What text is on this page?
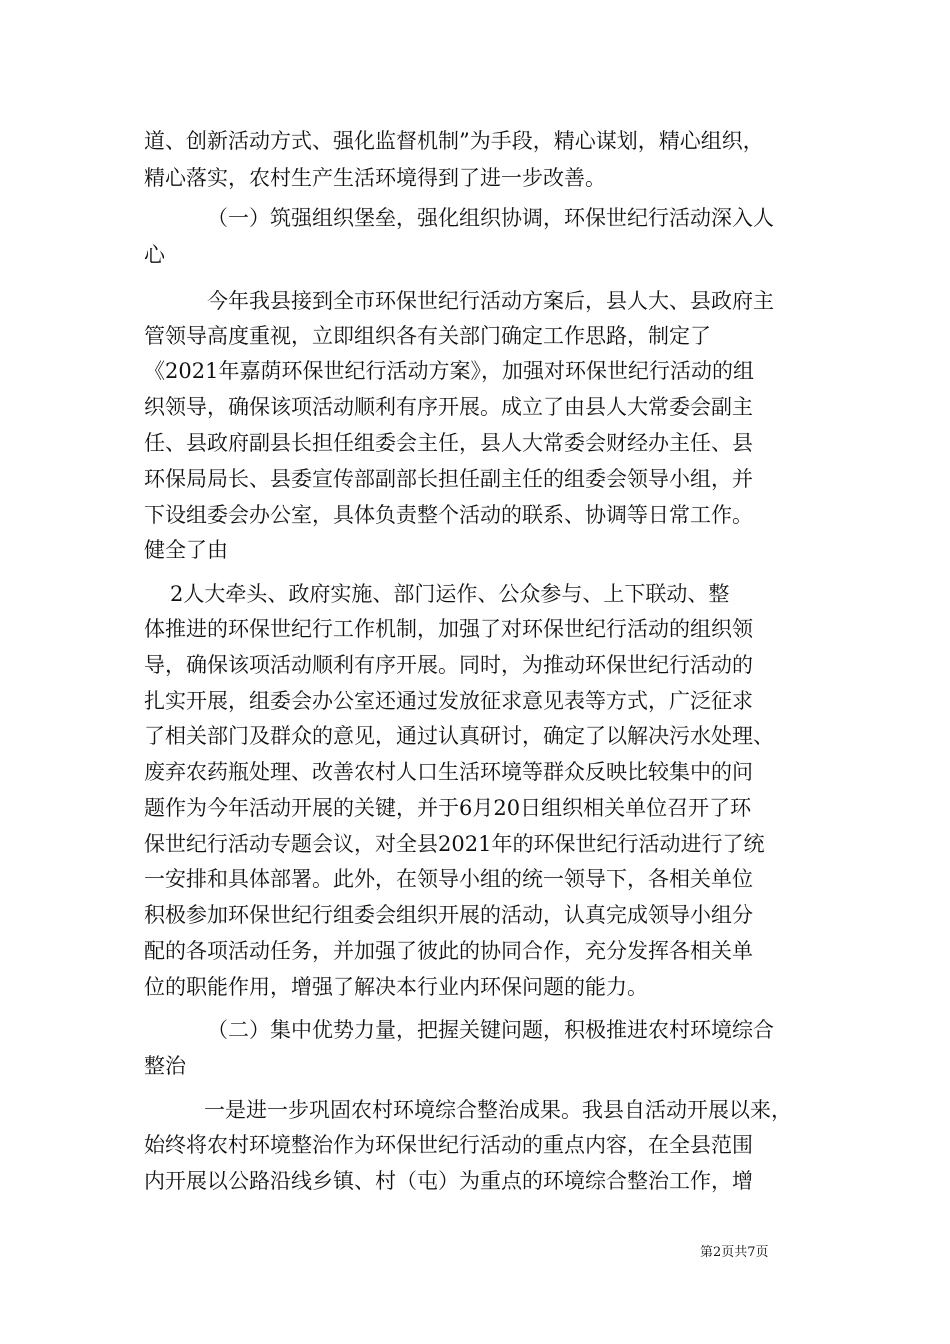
道、创新活动方式、强化监督机制”为手段，精心谋划，精心组织，
精心落实，农村生产生活环境得到了进一步改善。
（一）筑强组织堡垒，强化组织协调，环保世纪行活动深入人
心
今年我县接到全市环保世纪行活动方案后，县人大、县政府主
管领导高度重视，立即组织各有关部门确定工作思路，制定了
《2021年嘉荫环保世纪行活动方案》，加强对环保世纪行活动的组
织领导，确保该项活动顺利有序开展。成立了由县人大常委会副主
任、县政府副县长担任组委会主任，县人大常委会财经办主任、县
环保局局长、县委宣传部副部长担任副主任的组委会领导小组，并
下设组委会办公室，具体负责整个活动的联系、协调等日常工作。
健全了由
2人大牵头、政府实施、部门运作、公众参与、上下联动、整
体推进的环保世纪行工作机制，加强了对环保世纪行活动的组织领
导，确保该项活动顺利有序开展。同时，为推动环保世纪行活动的
扎实开展，组委会办公室还通过发放征求意见表等方式，广泛征求
了相关部门及群众的意见，通过认真研讨，确定了以解决污水处理、
废弃农药瓶处理、改善农村人口生活环境等群众反映比较集中的问
题作为今年活动开展的关键，并于6月20日组织相关单位召开了环
保世纪行活动专题会议，对全县2021年的环保世纪行活动进行了统
一安排和具体部署。此外，在领导小组的统一领导下，各相关单位
积极参加环保世纪行组委会组织开展的活动，认真完成领导小组分
配的各项活动任务，并加强了彼此的协同合作，充分发挥各相关单
位的职能作用，增强了解决本行业内环保问题的能力。
（二）集中优势力量，把握关键问题，积极推进农村环境综合
整治
一是进一步巩固农村环境综合整治成果。我县自活动开展以来，
始终将农村环境整治作为环保世纪行活动的重点内容，在全县范围
内开展以公路沿线乡镇、村（屯）为重点的环境综合整治工作，增
第2页共7页
